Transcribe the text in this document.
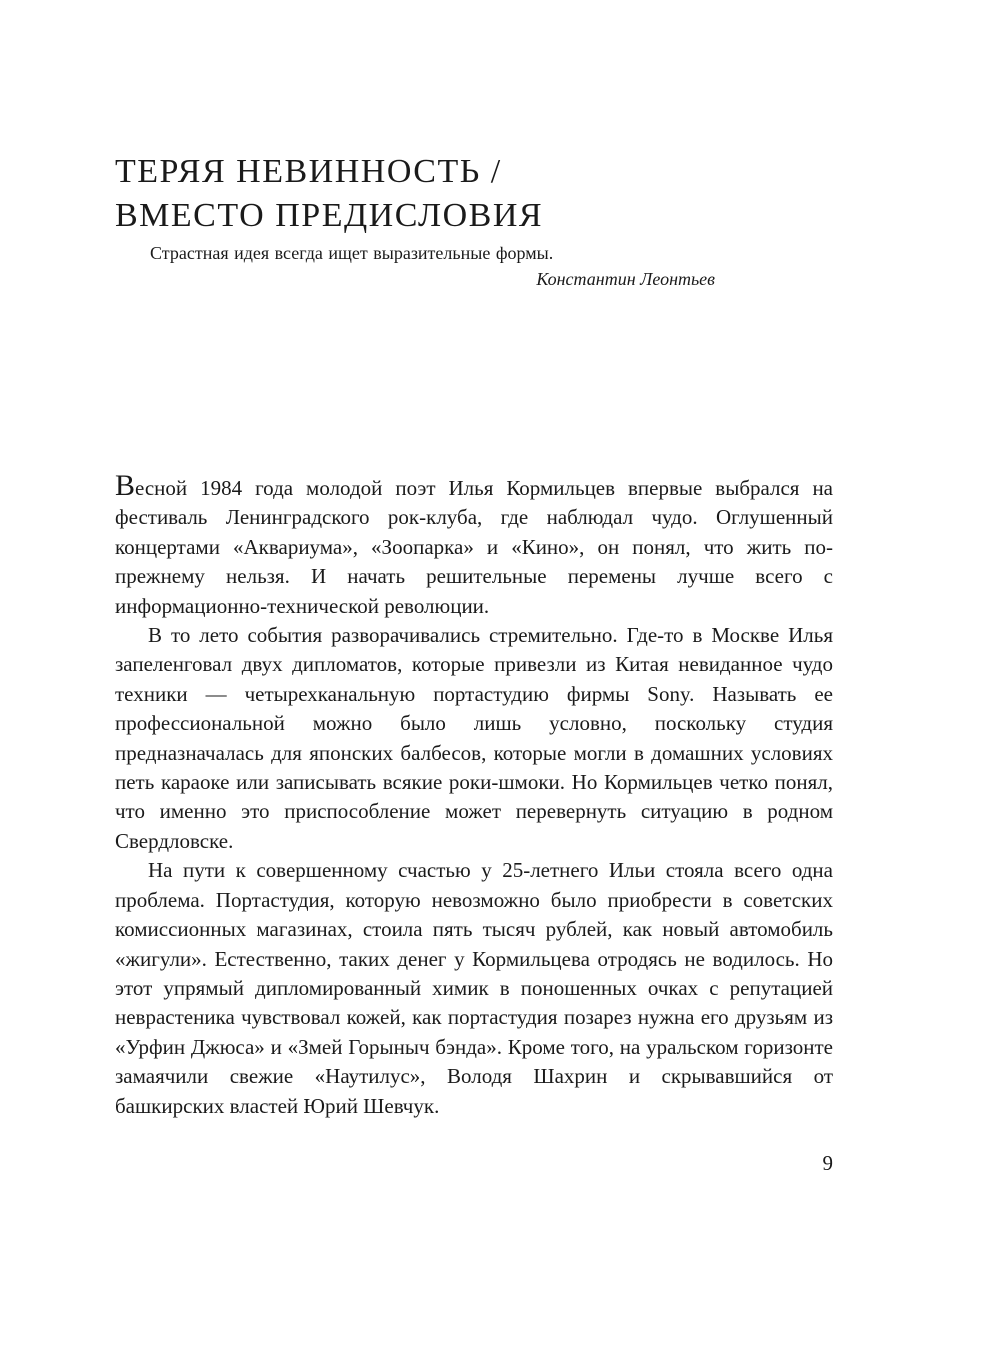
ТЕРЯЯ НЕВИННОСТЬ /
ВМЕСТО ПРЕДИСЛОВИЯ

Страстная идея всегда ищет выразительные формы.

Константин Леонтьев

Весной 1984 года молодой поэт Илья Кормильцев впервые выбрался на фестиваль Ленинградского рок-клуба, где наблюдал чудо. Оглушенный концертами «Аквариума», «Зоопарка» и «Кино», он понял, что жить по-прежнему нельзя. И начать решительные перемены лучше всего с информационно-технической революции.

В то лето события разворачивались стремительно. Где-то в Москве Илья запеленговал двух дипломатов, которые привезли из Китая невиданное чудо техники — четырехканальную портастудию фирмы Sony. Называть ее профессиональной можно было лишь условно, поскольку студия предназначалась для японских балбесов, которые могли в домашних условиях петь караоке или записывать всякие роки-шмоки. Но Кормильцев четко понял, что именно это приспособление может перевернуть ситуацию в родном Свердловске.

На пути к совершенному счастью у 25-летнего Ильи стояла всего одна проблема. Портастудия, которую невозможно было приобрести в советских комиссионных магазинах, стоила пять тысяч рублей, как новый автомобиль «жигули». Естественно, таких денег у Кормильцева отродясь не водилось. Но этот упрямый дипломированный химик в поношенных очках с репутацией неврастеника чувствовал кожей, как портастудия позарез нужна его друзьям из «Урфин Джюса» и «Змей Горыныч бэнда». Кроме того, на уральском горизонте замаячили свежие «Наутилус», Володя Шахрин и скрывавшийся от башкирских властей Юрий Шевчук.

9
